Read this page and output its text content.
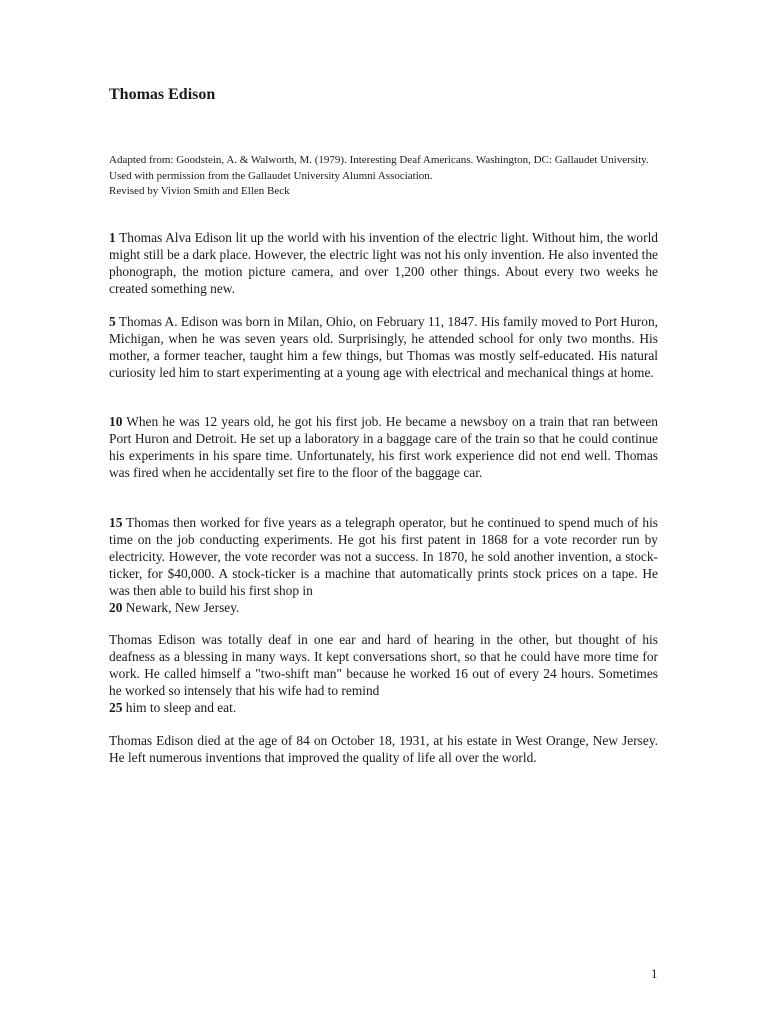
Thomas Edison

Adapted from: Goodstein, A. & Walworth, M. (1979). Interesting Deaf Americans. Washington, DC: Gallaudet University.

Used with permission from the Gallaudet University Alumni Association.

Revised by Vivion Smith and Ellen Beck

1 Thomas Alva Edison lit up the world with his invention of the electric light. Without him, the world might still be a dark place. However, the electric light was not his only invention. He also invented the phonograph, the motion picture camera, and over 1,200 other things. About every two weeks he created something new.

5 Thomas A. Edison was born in Milan, Ohio, on February 11, 1847. His family moved to Port Huron, Michigan, when he was seven years old. Surprisingly, he attended school for only two months. His mother, a former teacher, taught him a few things, but Thomas was mostly self-educated. His natural curiosity led him to start experimenting at a young age with electrical and mechanical things at home.

10 When he was 12 years old, he got his first job. He became a newsboy on a train that ran between Port Huron and Detroit. He set up a laboratory in a baggage care of the train so that he could continue his experiments in his spare time. Unfortunately, his first work experience did not end well. Thomas was fired when he accidentally set fire to the floor of the baggage car.

15 Thomas then worked for five years as a telegraph operator, but he continued to spend much of his time on the job conducting experiments. He got his first patent in 1868 for a vote recorder run by electricity. However, the vote recorder was not a success. In 1870, he sold another invention, a stock-ticker, for $40,000. A stock-ticker is a machine that automatically prints stock prices on a tape. He was then able to build his first shop in
20 Newark, New Jersey.

Thomas Edison was totally deaf in one ear and hard of hearing in the other, but thought of his deafness as a blessing in many ways. It kept conversations short, so that he could have more time for work. He called himself a "two-shift man" because he worked 16 out of every 24 hours. Sometimes he worked so intensely that his wife had to remind
25 him to sleep and eat.

Thomas Edison died at the age of 84 on October 18, 1931, at his estate in West Orange, New Jersey. He left numerous inventions that improved the quality of life all over the world.

1
